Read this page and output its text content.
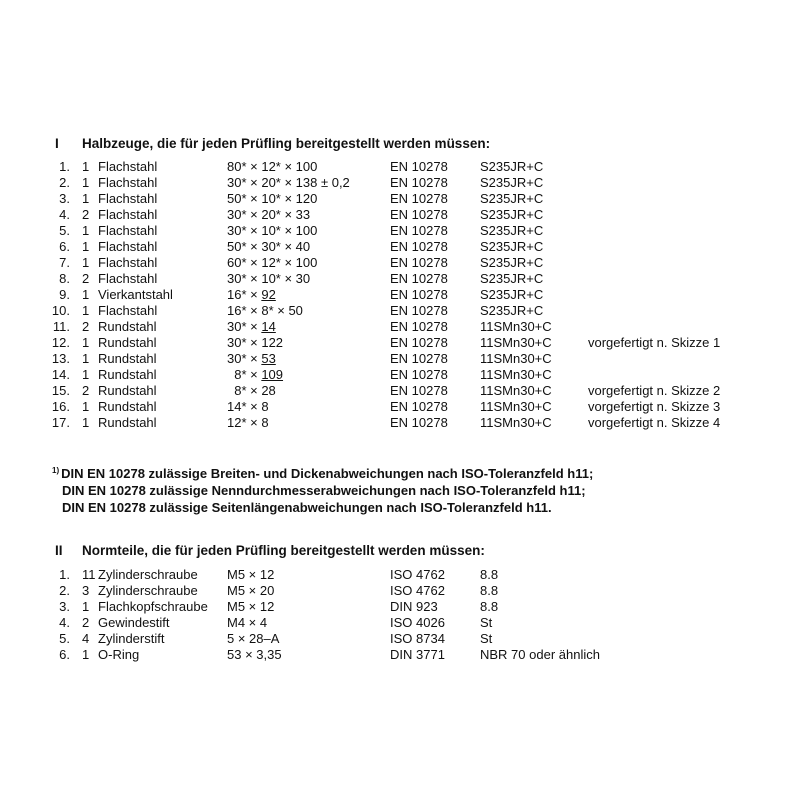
I Halbzeuge, die für jeden Prüfling bereitgestellt werden müssen:
1. 1 Flachstahl	80* × 12* × 100	EN 10278 S235JR+C
2. 1 Flachstahl	30* × 20* × 138 ± 0,2	EN 10278 S235JR+C
3. 1 Flachstahl	50* × 10* × 120	EN 10278 S235JR+C
4. 2 Flachstahl	30* × 20* × 33	EN 10278 S235JR+C
5. 1 Flachstahl	30* × 10* × 100	EN 10278 S235JR+C
6. 1 Flachstahl	50* × 30* × 40	EN 10278 S235JR+C
7. 1 Flachstahl	60* × 12* × 100	EN 10278 S235JR+C
8. 2 Flachstahl	30* × 10* × 30	EN 10278 S235JR+C
9. 1 Vierkantstahl	16* × 92	EN 10278 S235JR+C
10. 1 Flachstahl	16* × 8* × 50	EN 10278 S235JR+C
11. 2 Rundstahl	30* × 14	EN 10278 11SMn30+C
12. 1 Rundstahl	30* × 122	EN 10278 11SMn30+C	vorgefertigt n. Skizze 1
13. 1 Rundstahl	30* × 53	EN 10278 11SMn30+C
14. 1 Rundstahl	8* × 109	EN 10278 11SMn30+C
15. 2 Rundstahl	8* × 28	EN 10278 11SMn30+C	vorgefertigt n. Skizze 2
16. 1 Rundstahl	14* × 8	EN 10278 11SMn30+C	vorgefertigt n. Skizze 3
17. 1 Rundstahl	12* × 8	EN 10278 11SMn30+C	vorgefertigt n. Skizze 4
$^{1)}$ DIN EN 10278 zulässige Breiten- und Dickenabweichungen nach ISO-Toleranzfeld h11;
DIN EN 10278 zulässige Nenndurchmesserabweichungen nach ISO-Toleranzfeld h11;
DIN EN 10278 zulässige Seitenlängenabweichungen nach ISO-Toleranzfeld h11.
II Normteile, die für jeden Prüfling bereitgestellt werden müssen:
1. 11 Zylinderschraube M5 × 12	ISO 4762	8.8
2. 3 Zylinderschraube M5 × 20	ISO 4762	8.8
3. 1 Flachkopfschraube M5 × 12	DIN 923	8.8
4. 2 Gewindestift	M4 × 4	ISO 4026	St
5. 4 Zylinderstift	5 × 28–A	ISO 8734	St
6. 1 O-Ring	53 × 3,35	DIN 3771	NBR 70 oder ähnlich
